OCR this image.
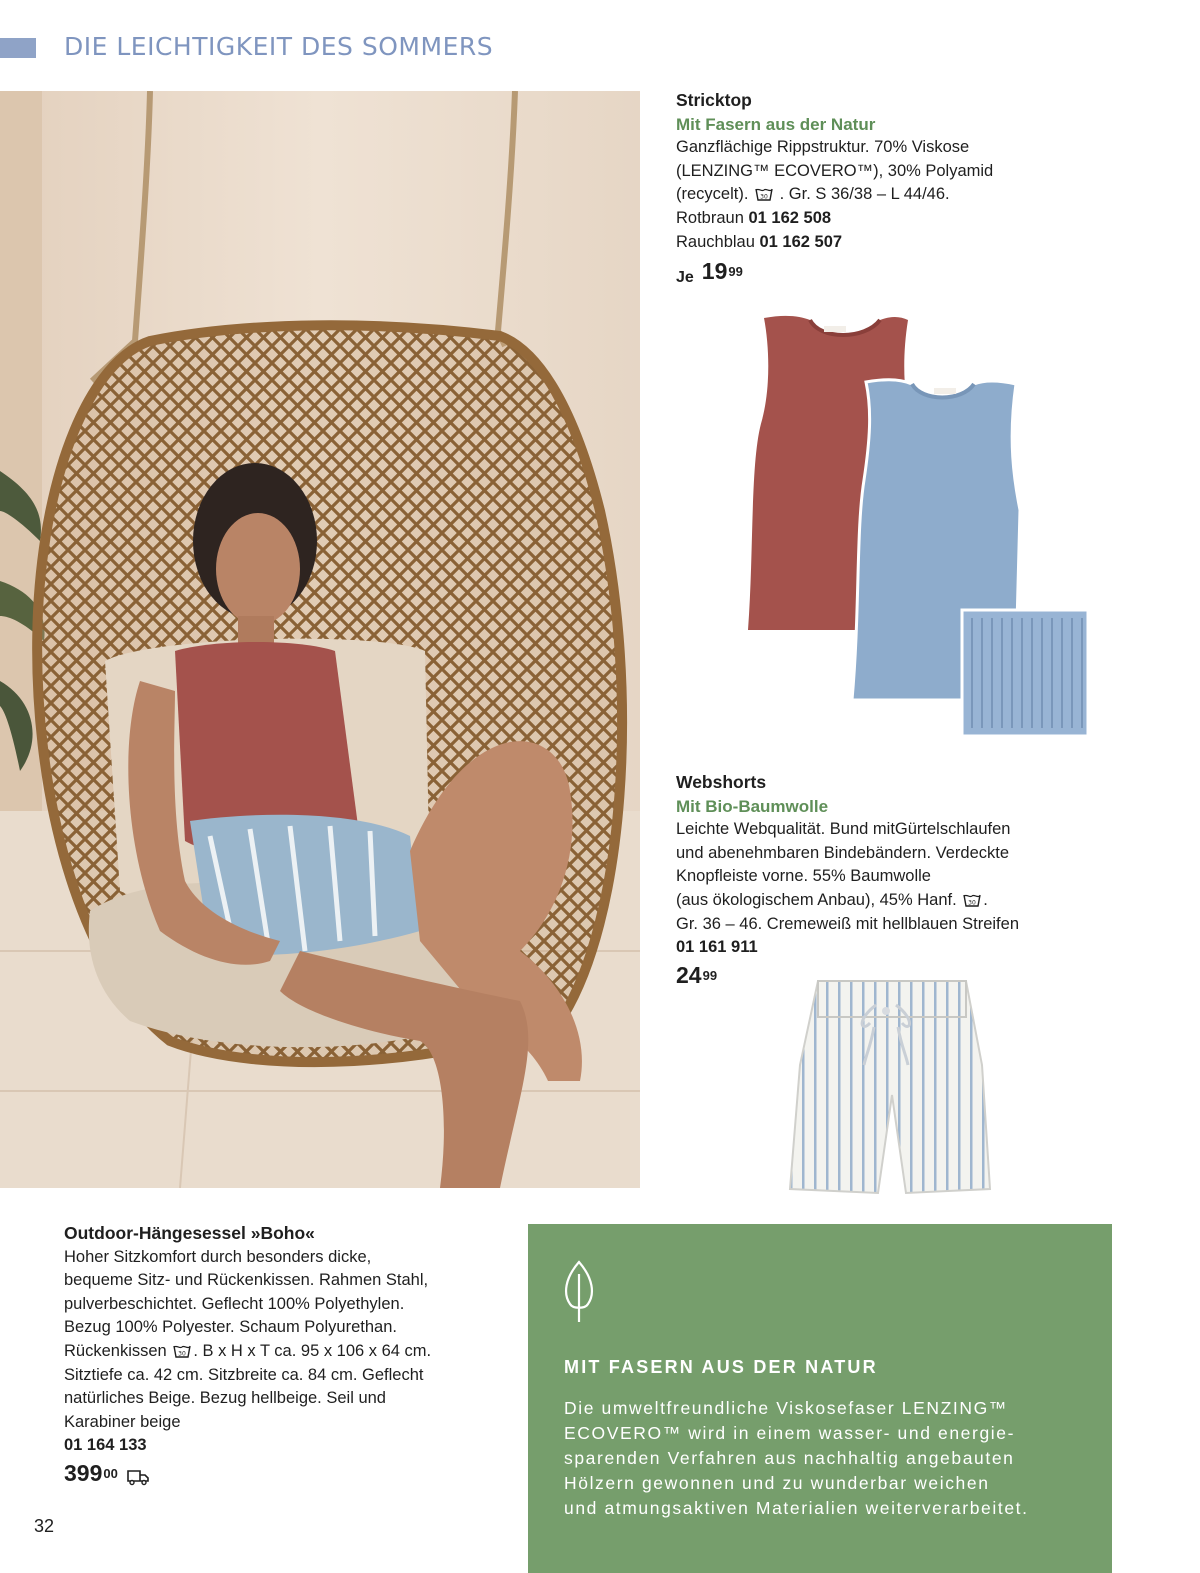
DIE LEICHTIGKEIT DES SOMMERS
Stricktop
Mit Fasern aus der Natur
Ganzflächige Rippstruktur. 70% Viskose
(LENZING™ ECOVERO™), 30% Polyamid
(recycelt). 30 . Gr. S 36/38 – L 44/46.
Rotbraun 01 162 508
Rauchblau 01 162 507
Je 19 99
Webshorts
Mit Bio-Baumwolle
Leichte Webqualität. Bund mitGürtelschlaufen
und abenehmbaren Bindebändern. Verdeckte
Knopfleiste vorne. 55% Baumwolle
(aus ökologischem Anbau), 45% Hanf. 30 .
Gr. 36 – 46. Cremeweiß mit hellblauen Streifen
01 161 911
24 99
Outdoor-Hängesessel »Boho«
Hoher Sitzkomfort durch besonders dicke,
bequeme Sitz- und Rückenkissen. Rahmen Stahl,
pulverbeschichtet. Geflecht 100% Polyethylen.
Bezug 100% Polyester. Schaum Polyurethan.
Rückenkissen 30 . B x H x T ca. 95 x 106 x 64 cm.
Sitztiefe ca. 42 cm. Sitzbreite ca. 84 cm. Geflecht
natürliches Beige. Bezug hellbeige. Seil und
Karabiner beige
01 164 133
399 00
MIT FASERN AUS DER NATUR
Die umweltfreundliche Viskosefaser LENZING™
ECOVERO™ wird in einem wasser- und energie-
sparenden Verfahren aus nachhaltig angebauten
Hölzern gewonnen und zu wunderbar weichen
und atmungsaktiven Materialien weiterverarbeitet.
32
